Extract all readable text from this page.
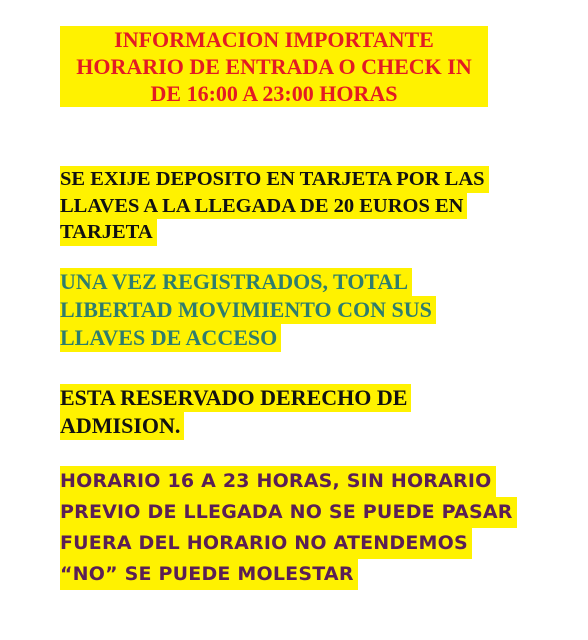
INFORMACION IMPORTANTE
HORARIO DE ENTRADA O CHECK IN
DE 16:00 A 23:00 HORAS
SE EXIJE DEPOSITO EN TARJETA POR LAS
LLAVES A LA LLEGADA DE 20 EUROS EN
TARJETA
UNA VEZ REGISTRADOS, TOTAL
LIBERTAD MOVIMIENTO CON SUS
LLAVES DE ACCESO
ESTA RESERVADO DERECHO DE
ADMISION.
HORARIO 16 A 23 HORAS, SIN HORARIO
PREVIO DE LLEGADA NO SE PUEDE PASAR
FUERA DEL HORARIO NO ATENDEMOS
“NO” SE PUEDE MOLESTAR
